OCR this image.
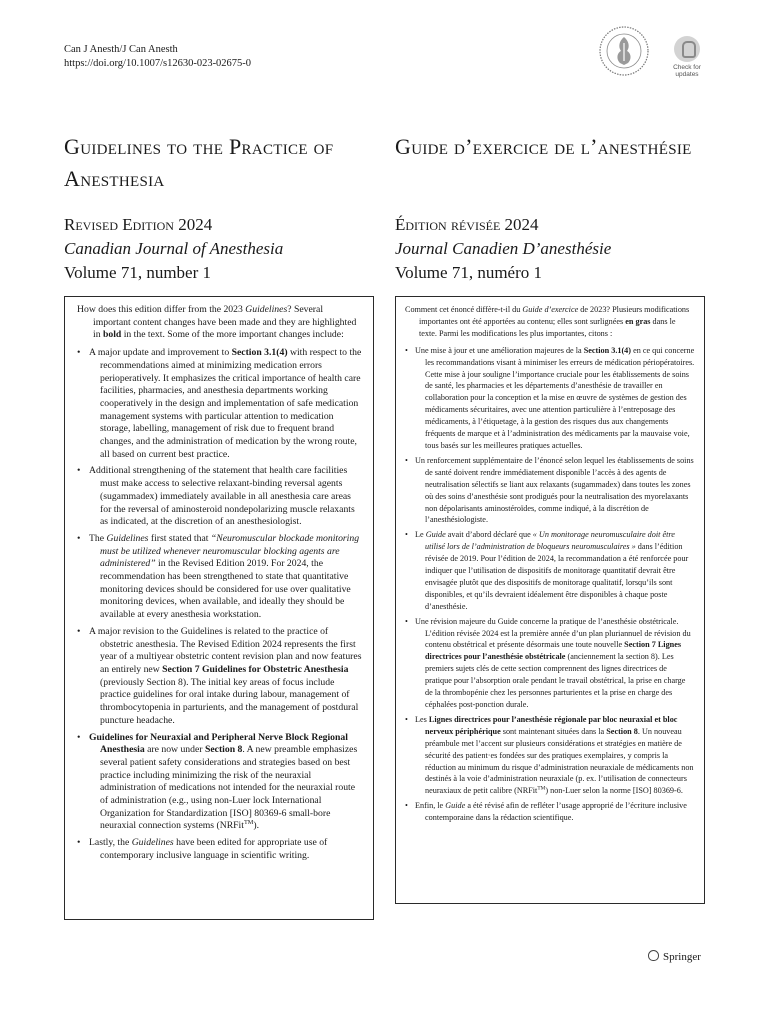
Can J Anesth/J Can Anesth
https://doi.org/10.1007/s12630-023-02675-0	Check for updates
Guidelines to the Practice of Anesthesia
Guide d’exercice de l’anesthésie
Revised Edition 2024
Canadian Journal of Anesthesia
Volume 71, number 1
Édition révisée 2024
Journal Canadien D’anesthésie
Volume 71, numéro 1

How does this edition differ from the 2023 Guidelines? Several important content changes have been made and they are highlighted in bold in the text. Some of the more important changes include:

• A major update and improvement to Section 3.1(4) with respect to the recommendations aimed at minimizing medication errors perioperatively. It emphasizes the critical importance of health care facilities, pharmacies, and anesthesia departments working cooperatively in the design and implementation of safe medication management systems with particular attention to medication storage, labelling, management of risk due to frequent brand changes, and the administration of medication by the wrong route, all based on current best practice.

• Additional strengthening of the statement that health care facilities must make access to selective relaxant-binding reversal agents (sugammadex) immediately available in all anesthesia care areas for the reversal of aminosteroid nondepolarizing muscle relaxants as indicated, at the discretion of an anesthesiologist.

• The Guidelines first stated that “Neuromuscular blockade monitoring must be utilized whenever neuromuscular blocking agents are administered” in the Revised Edition 2019. For 2024, the recommendation has been strengthened to state that quantitative monitoring devices should be considered for use over qualitative monitoring devices, when available, and ideally they should be available at every anesthesia workstation.

• A major revision to the Guidelines is related to the practice of obstetric anesthesia. The Revised Edition 2024 represents the first year of a multiyear obstetric content revision plan and now features an entirely new Section 7 Guidelines for Obstetric Anesthesia (previously Section 8). The initial key areas of focus include practice guidelines for oral intake during labour, management of thrombocytopenia in parturients, and the management of postdural puncture headache.

• Guidelines for Neuraxial and Peripheral Nerve Block Regional Anesthesia are now under Section 8. A new preamble emphasizes several patient safety considerations and strategies based on best practice including minimizing the risk of the neuraxial administration of medications not intended for the neuraxial route of administration (e.g., using non-Luer lock International Organization for Standardization [ISO] 80369-6 small-bore neuraxial connection systems (NRFit™).

• Lastly, the Guidelines have been edited for appropriate use of contemporary inclusive language in scientific writing.

Comment cet énoncé diffère-t-il du Guide d’exercice de 2023? Plusieurs modifications importantes ont été apportées au contenu; elles sont surlignées en gras dans le texte. Parmi les modifications les plus importantes, citons :

• Une mise à jour et une amélioration majeures de la Section 3.1(4) en ce qui concerne les recommandations visant à minimiser les erreurs de médication périopératoires. Cette mise à jour souligne l’importance cruciale pour les établissements de soins de santé, les pharmacies et les départements d’anesthésie de travailler en collaboration pour la conception et la mise en œuvre de systèmes de gestion des médicaments sécuritaires, avec une attention particulière à l’entreposage des médicaments, à l’étiquetage, à la gestion des risques dus aux changements fréquents de marque et à l’administration des médicaments par la mauvaise voie, tous basés sur les meilleures pratiques actuelles.

• Un renforcement supplémentaire de l’énoncé selon lequel les établissements de soins de santé doivent rendre immédiatement disponible l’accès à des agents de neutralisation sélectifs se liant aux relaxants (sugammadex) dans toutes les zones où des soins d’anesthésie sont prodigués pour la neutralisation des myorelaxants non dépolarisants aminostéroïdes, comme indiqué, à la discrétion de l’anesthésiologiste.

• Le Guide avait d’abord déclaré que « Un monitorage neuromusculaire doit être utilisé lors de l’administration de bloqueurs neuromusculaires » dans l’édition révisée de 2019. Pour l’édition de 2024, la recommandation a été renforcée pour indiquer que l’utilisation de dispositifs de monitorage quantitatif devrait être envisagée plutôt que des dispositifs de monitorage qualitatif, lorsqu’ils sont disponibles, et qu’ils devraient idéalement être disponibles à chaque poste d’anesthésie.

• Une révision majeure du Guide concerne la pratique de l’anesthésie obstétricale. L’édition révisée 2024 est la première année d’un plan pluriannuel de révision du contenu obstétrical et présente désormais une toute nouvelle Section 7 Lignes directrices pour l’anesthésie obstétricale (anciennement la section 8). Les premiers sujets clés de cette section comprennent des lignes directrices de pratique pour l’absorption orale pendant le travail obstétrical, la prise en charge de la thrombopénie chez les personnes parturientes et la prise en charge des céphalées post-ponction durale.

• Les Lignes directrices pour l’anesthésie régionale par bloc neuraxial et bloc nerveux périphérique sont maintenant situées dans la Section 8. Un nouveau préambule met l’accent sur plusieurs considérations et stratégies en matière de sécurité des patient·es fondées sur des pratiques exemplaires, y compris la réduction au minimum du risque d’administration neuraxiale de médicaments non destinés à la voie d’administration neuraxiale (p. ex. l’utilisation de connecteurs neuraxiaux de petit calibre (NRFit™) non-Luer selon la norme [ISO] 80369-6.

• Enfin, le Guide a été révisé afin de refléter l’usage approprié de l’écriture inclusive contemporaine dans la rédaction scientifique.

Springer
